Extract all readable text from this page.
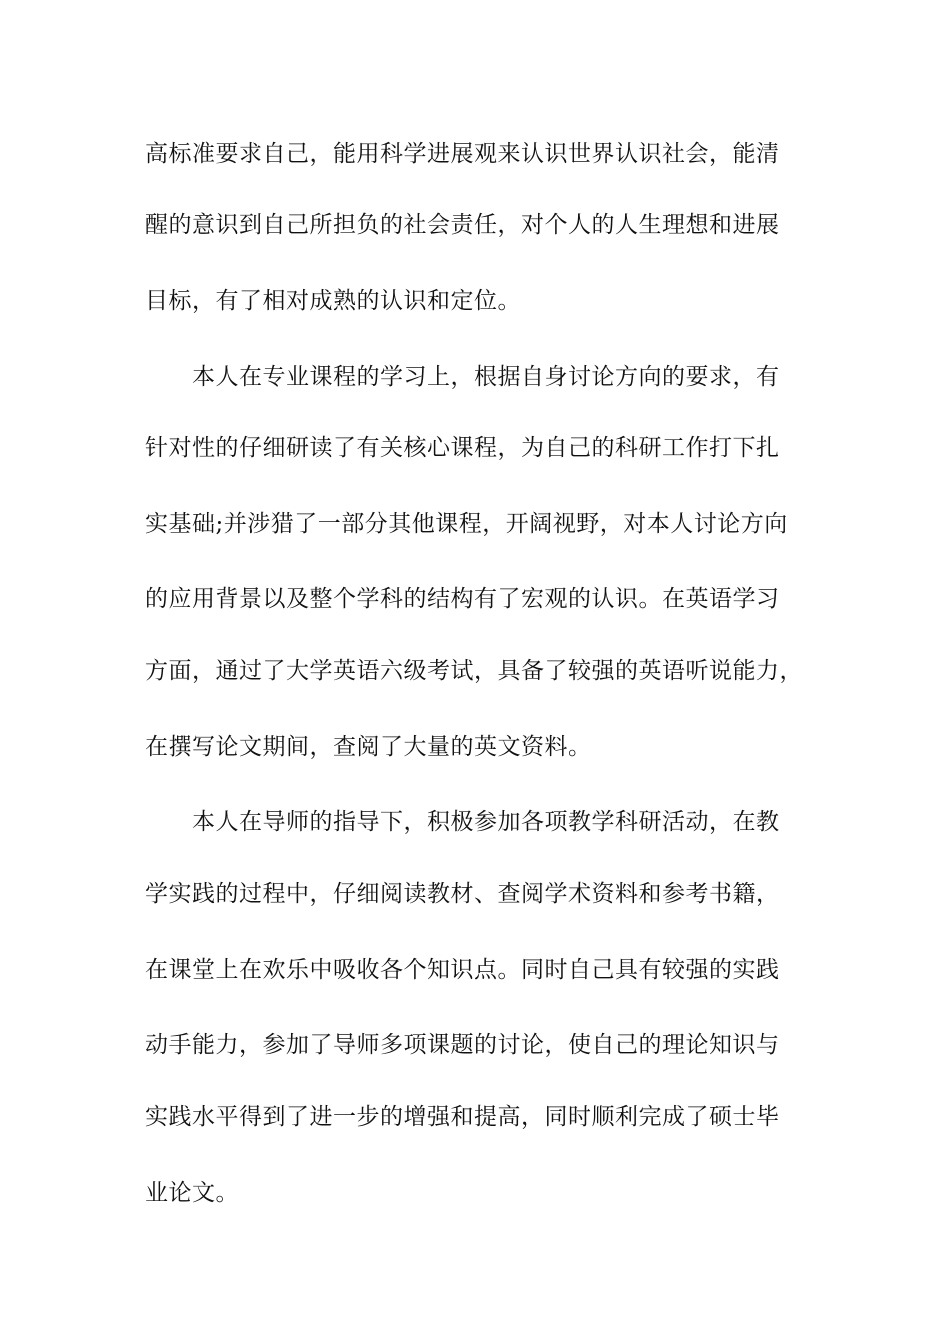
高标准要求自己，能用科学进展观来认识世界认识社会，能清
醒的意识到自己所担负的社会责任，对个人的人生理想和进展
目标，有了相对成熟的认识和定位。
本人在专业课程的学习上，根据自身讨论方向的要求，有
针对性的仔细研读了有关核心课程，为自己的科研工作打下扎
实基础;并涉猎了一部分其他课程，开阔视野，对本人讨论方向
的应用背景以及整个学科的结构有了宏观的认识。在英语学习
方面，通过了大学英语六级考试，具备了较强的英语听说能力，
在撰写论文期间，查阅了大量的英文资料。
本人在导师的指导下，积极参加各项教学科研活动，在教
学实践的过程中，仔细阅读教材、查阅学术资料和参考书籍，
在课堂上在欢乐中吸收各个知识点。同时自己具有较强的实践
动手能力，参加了导师多项课题的讨论，使自己的理论知识与
实践水平得到了进一步的增强和提高，同时顺利完成了硕士毕
业论文。
